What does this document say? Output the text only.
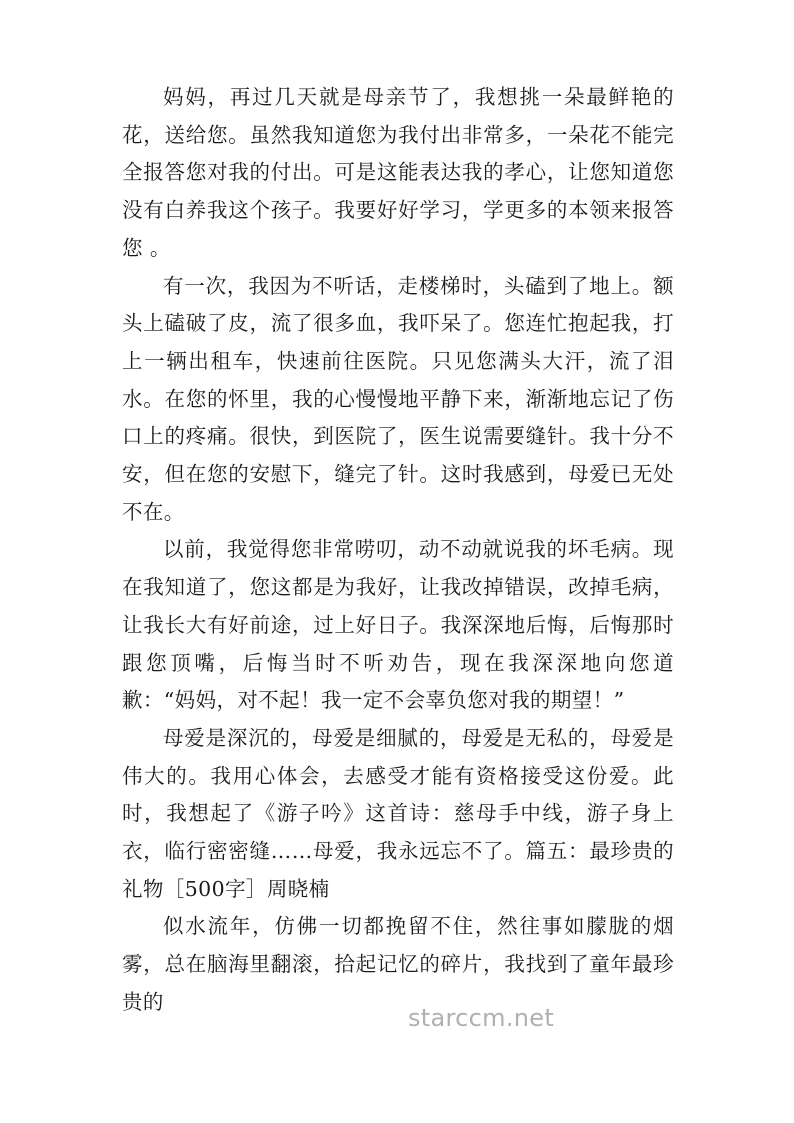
妈妈，再过几天就是母亲节了，我想挑一朵最鲜艳的花，送给您。虽然我知道您为我付出非常多，一朵花不能完全报答您对我的付出。可是这能表达我的孝心，让您知道您没有白养我这个孩子。我要好好学习，学更多的本领来报答您 。

有一次，我因为不听话，走楼梯时，头磕到了地上。额头上磕破了皮，流了很多血，我吓呆了。您连忙抱起我，打上一辆出租车，快速前往医院。只见您满头大汗，流了泪水。在您的怀里，我的心慢慢地平静下来，渐渐地忘记了伤口上的疼痛。很快，到医院了，医生说需要缝针。我十分不安，但在您的安慰下，缝完了针。这时我感到，母爱已无处不在。

以前，我觉得您非常唠叨，动不动就说我的坏毛病。现在我知道了，您这都是为我好，让我改掉错误，改掉毛病，让我长大有好前途，过上好日子。我深深地后悔，后悔那时跟您顶嘴，后悔当时不听劝告，现在我深深地向您道歉：“妈妈，对不起！我一定不会辜负您对我的期望！”

母爱是深沉的，母爱是细腻的，母爱是无私的，母爱是伟大的。我用心体会，去感受才能有资格接受这份爱。此时，我想起了《游子吟》这首诗：慈母手中线，游子身上衣，临行密密缝……母爱，我永远忘不了。篇五：最珍贵的礼物［500字］周晓楠

似水流年，仿佛一切都挽留不住，然往事如朦胧的烟雾，总在脑海里翻滚，拾起记忆的碎片，我找到了童年最珍贵的

starccm.net
